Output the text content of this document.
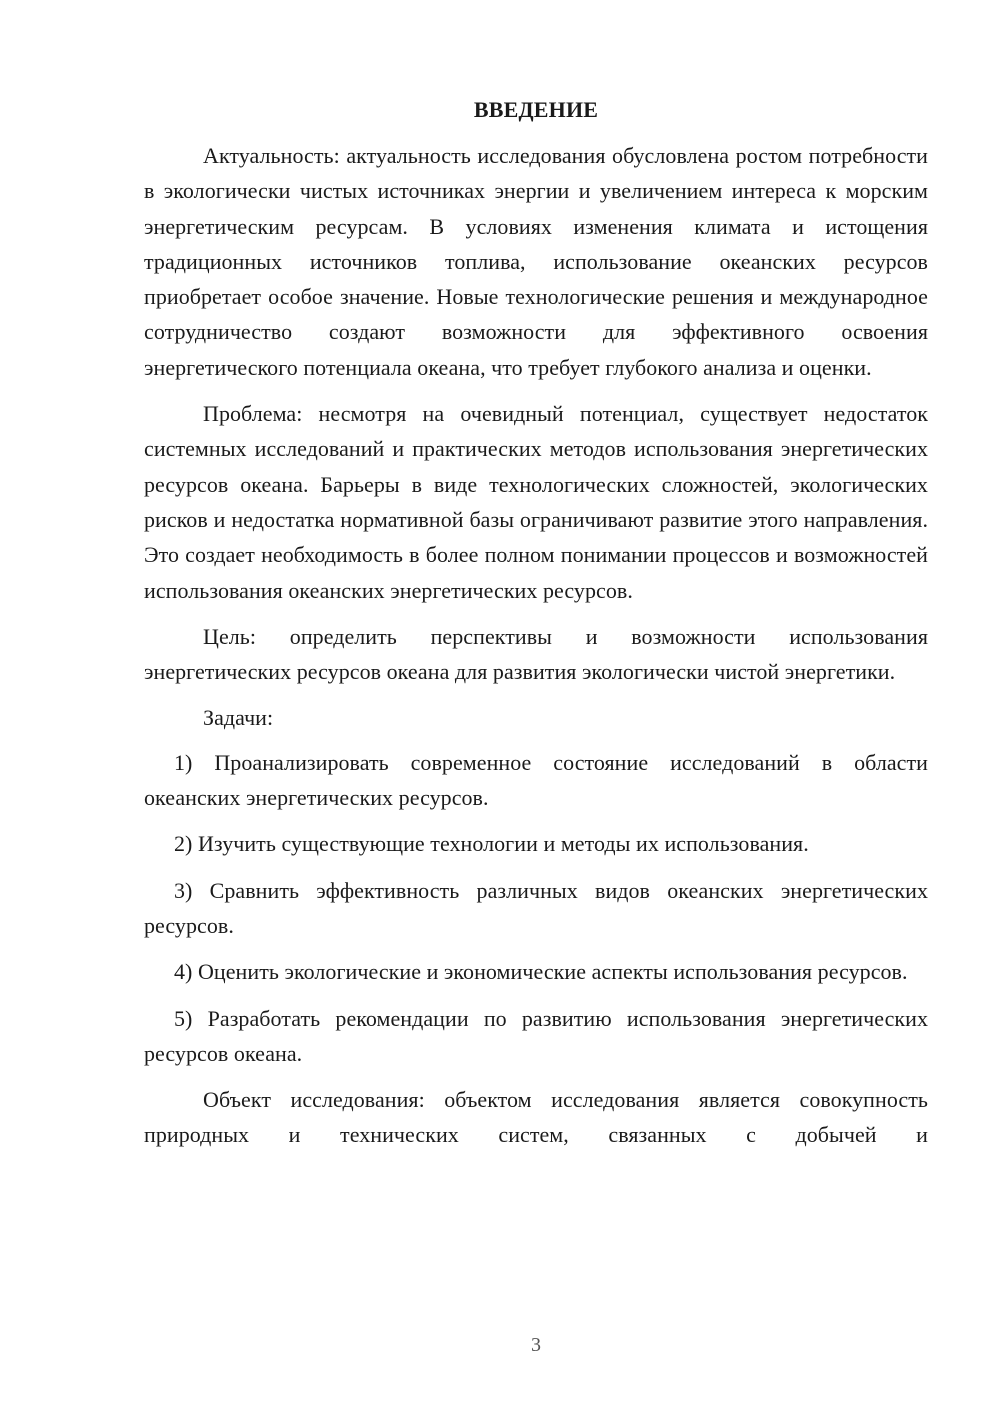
ВВЕДЕНИЕ

Актуальность: актуальность исследования обусловлена ростом потребности в экологически чистых источниках энергии и увеличением интереса к морским энергетическим ресурсам. В условиях изменения климата и истощения традиционных источников топлива, использование океанских ресурсов приобретает особое значение. Новые технологические решения и международное сотрудничество создают возможности для эффективного освоения энергетического потенциала океана, что требует глубокого анализа и оценки.

Проблема: несмотря на очевидный потенциал, существует недостаток системных исследований и практических методов использования энергетических ресурсов океана. Барьеры в виде технологических сложностей, экологических рисков и недостатка нормативной базы ограничивают развитие этого направления. Это создает необходимость в более полном понимании процессов и возможностей использования океанских энергетических ресурсов.

Цель: определить перспективы и возможности использования энергетических ресурсов океана для развития экологически чистой энергетики.

Задачи:

1) Проанализировать современное состояние исследований в области океанских энергетических ресурсов.

2) Изучить существующие технологии и методы их использования.

3) Сравнить эффективность различных видов океанских энергетических ресурсов.

4) Оценить экологические и экономические аспекты использования ресурсов.

5) Разработать рекомендации по развитию использования энергетических ресурсов океана.

Объект исследования: объектом исследования является совокупность природных и технических систем, связанных с добычей и

3
